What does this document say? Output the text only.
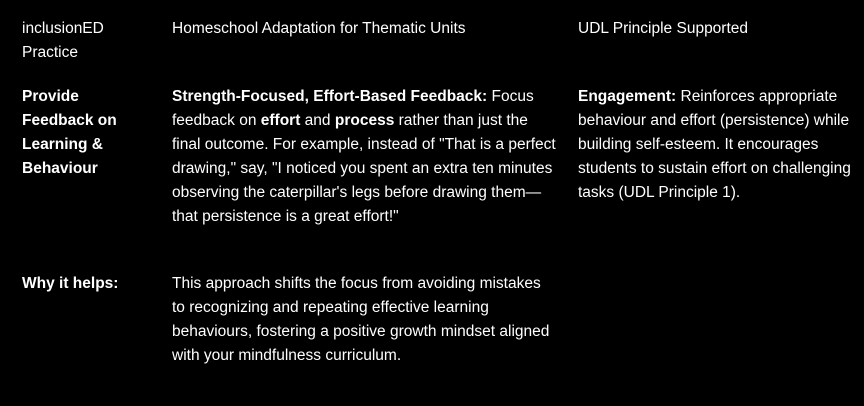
inclusionED Practice
Homeschool Adaptation for Thematic Units	UDL Principle Supported
Provide Feedback on Learning & Behaviour
Strength-Focused, Effort-Based Feedback: Focus feedback on effort and process rather than just the final outcome. For example, instead of "That is a perfect drawing," say, "I noticed you spent an extra ten minutes observing the caterpillar's legs before drawing them—that persistence is a great effort!"
Engagement: Reinforces appropriate behaviour and effort (persistence) while building self-esteem. It encourages students to sustain effort on challenging tasks (UDL Principle 1).
Why it helps:	This approach shifts the focus from avoiding mistakes to recognizing and repeating effective learning behaviours, fostering a positive growth mindset aligned with your mindfulness curriculum.
